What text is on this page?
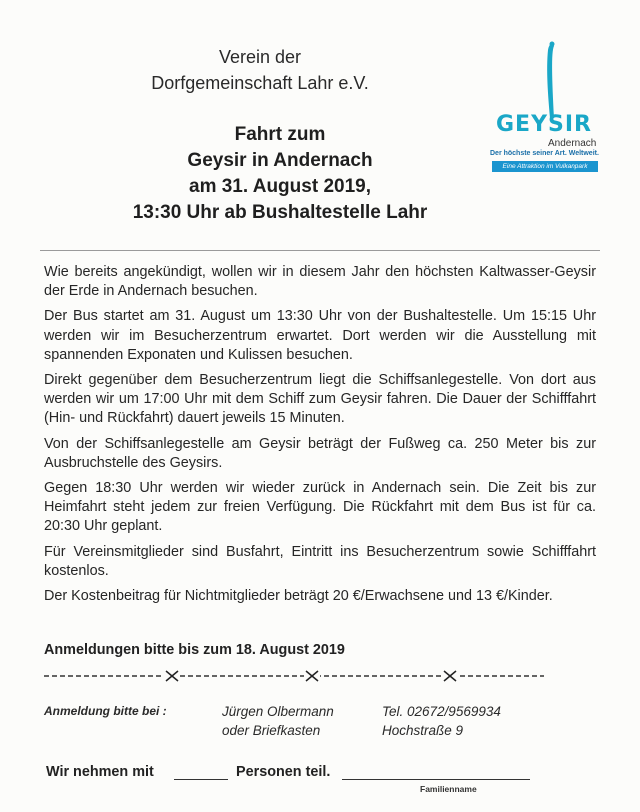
Verein der
Dorfgemeinschaft Lahr e.V.
GEYSIR
Andernach
Der höchste seiner Art. Weltweit.
Eine Attraktion im Vulkanpark
Fahrt zum
Geysir in Andernach
am 31. August 2019,
13:30 Uhr ab Bushaltestelle Lahr

Wie bereits angekündigt, wollen wir in diesem Jahr den höchsten Kaltwasser-Geysir der Erde in Andernach besuchen.

Der Bus startet am 31. August um 13:30 Uhr von der Bushaltestelle. Um 15:15 Uhr werden wir im Besucherzentrum erwartet. Dort werden wir die Ausstellung mit spannenden Exponaten und Kulissen besuchen.

Direkt gegenüber dem Besucherzentrum liegt die Schiffsanlegestelle. Von dort aus werden wir um 17:00 Uhr mit dem Schiff zum Geysir fahren. Die Dauer der Schifffahrt (Hin- und Rückfahrt) dauert jeweils 15 Minuten.

Von der Schiffsanlegestelle am Geysir beträgt der Fußweg ca. 250 Meter bis zur Ausbruchstelle des Geysirs.

Gegen 18:30 Uhr werden wir wieder zurück in Andernach sein. Die Zeit bis zur Heimfahrt steht jedem zur freien Verfügung. Die Rückfahrt mit dem Bus ist für ca. 20:30 Uhr geplant.

Für Vereinsmitglieder sind Busfahrt, Eintritt ins Besucherzentrum sowie Schifffahrt kostenlos.

Der Kostenbeitrag für Nichtmitglieder beträgt 20 €/Erwachsene und 13 €/Kinder.

Anmeldungen bitte bis zum 18. August 2019
Anmeldung bitte bei :	Jürgen Olbermann
oder Briefkasten
Tel. 02672/9569934
Hochstraße 9
Wir nehmen mit	Personen teil.
Familienname
